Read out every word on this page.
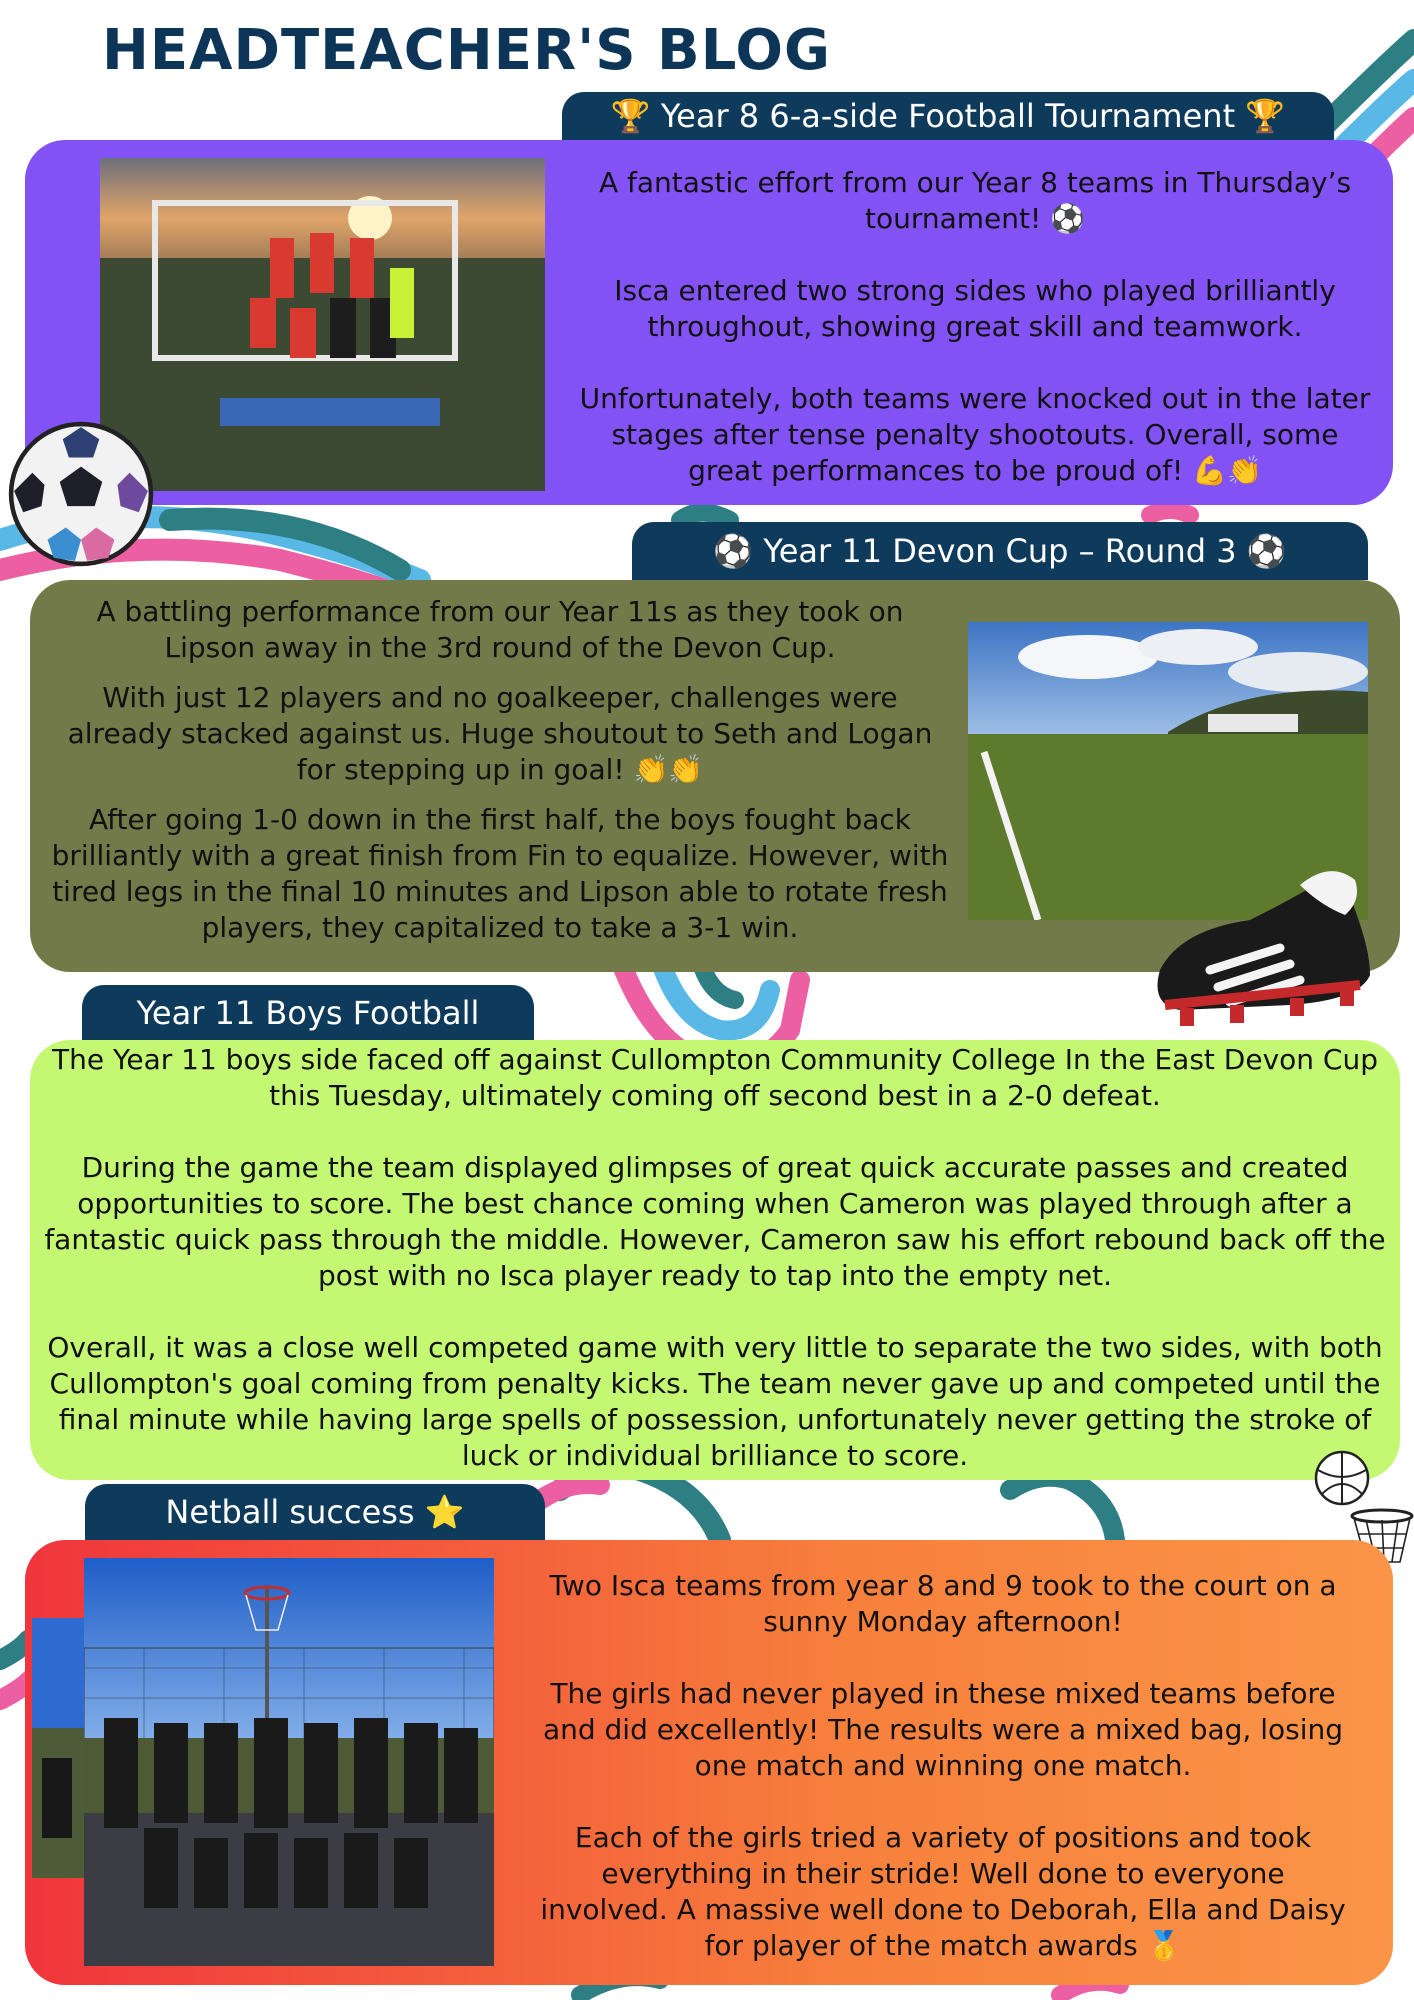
HEADTEACHER'S BLOG
🏆 Year 8 6-a-side Football Tournament 🏆

A fantastic effort from our Year 8 teams in Thursday’s tournament! ⚽

Isca entered two strong sides who played brilliantly throughout, showing great skill and teamwork.

Unfortunately, both teams were knocked out in the later stages after tense penalty shootouts. Overall, some great performances to be proud of! 💪👏

⚽ Year 11 Devon Cup – Round 3 ⚽

A battling performance from our Year 11s as they took on Lipson away in the 3rd round of the Devon Cup.

With just 12 players and no goalkeeper, challenges were already stacked against us. Huge shoutout to Seth and Logan for stepping up in goal! 👏👏

After going 1-0 down in the first half, the boys fought back brilliantly with a great finish from Fin to equalize. However, with tired legs in the final 10 minutes and Lipson able to rotate fresh players, they capitalized to take a 3-1 win.

Year 11 Boys Football

The Year 11 boys side faced off against Cullompton Community College In the East Devon Cup this Tuesday, ultimately coming off second best in a 2-0 defeat.

During the game the team displayed glimpses of great quick accurate passes and created opportunities to score. The best chance coming when Cameron was played through after a fantastic quick pass through the middle. However, Cameron saw his effort rebound back off the post with no Isca player ready to tap into the empty net.

Overall, it was a close well competed game with very little to separate the two sides, with both Cullompton's goal coming from penalty kicks. The team never gave up and competed until the final minute while having large spells of possession, unfortunately never getting the stroke of luck or individual brilliance to score.

Netball success ⭐

Two Isca teams from year 8 and 9 took to the court on a sunny Monday afternoon!

The girls had never played in these mixed teams before and did excellently! The results were a mixed bag, losing one match and winning one match.

Each of the girls tried a variety of positions and took everything in their stride! Well done to everyone involved. A massive well done to Deborah, Ella and Daisy for player of the match awards 🥇
